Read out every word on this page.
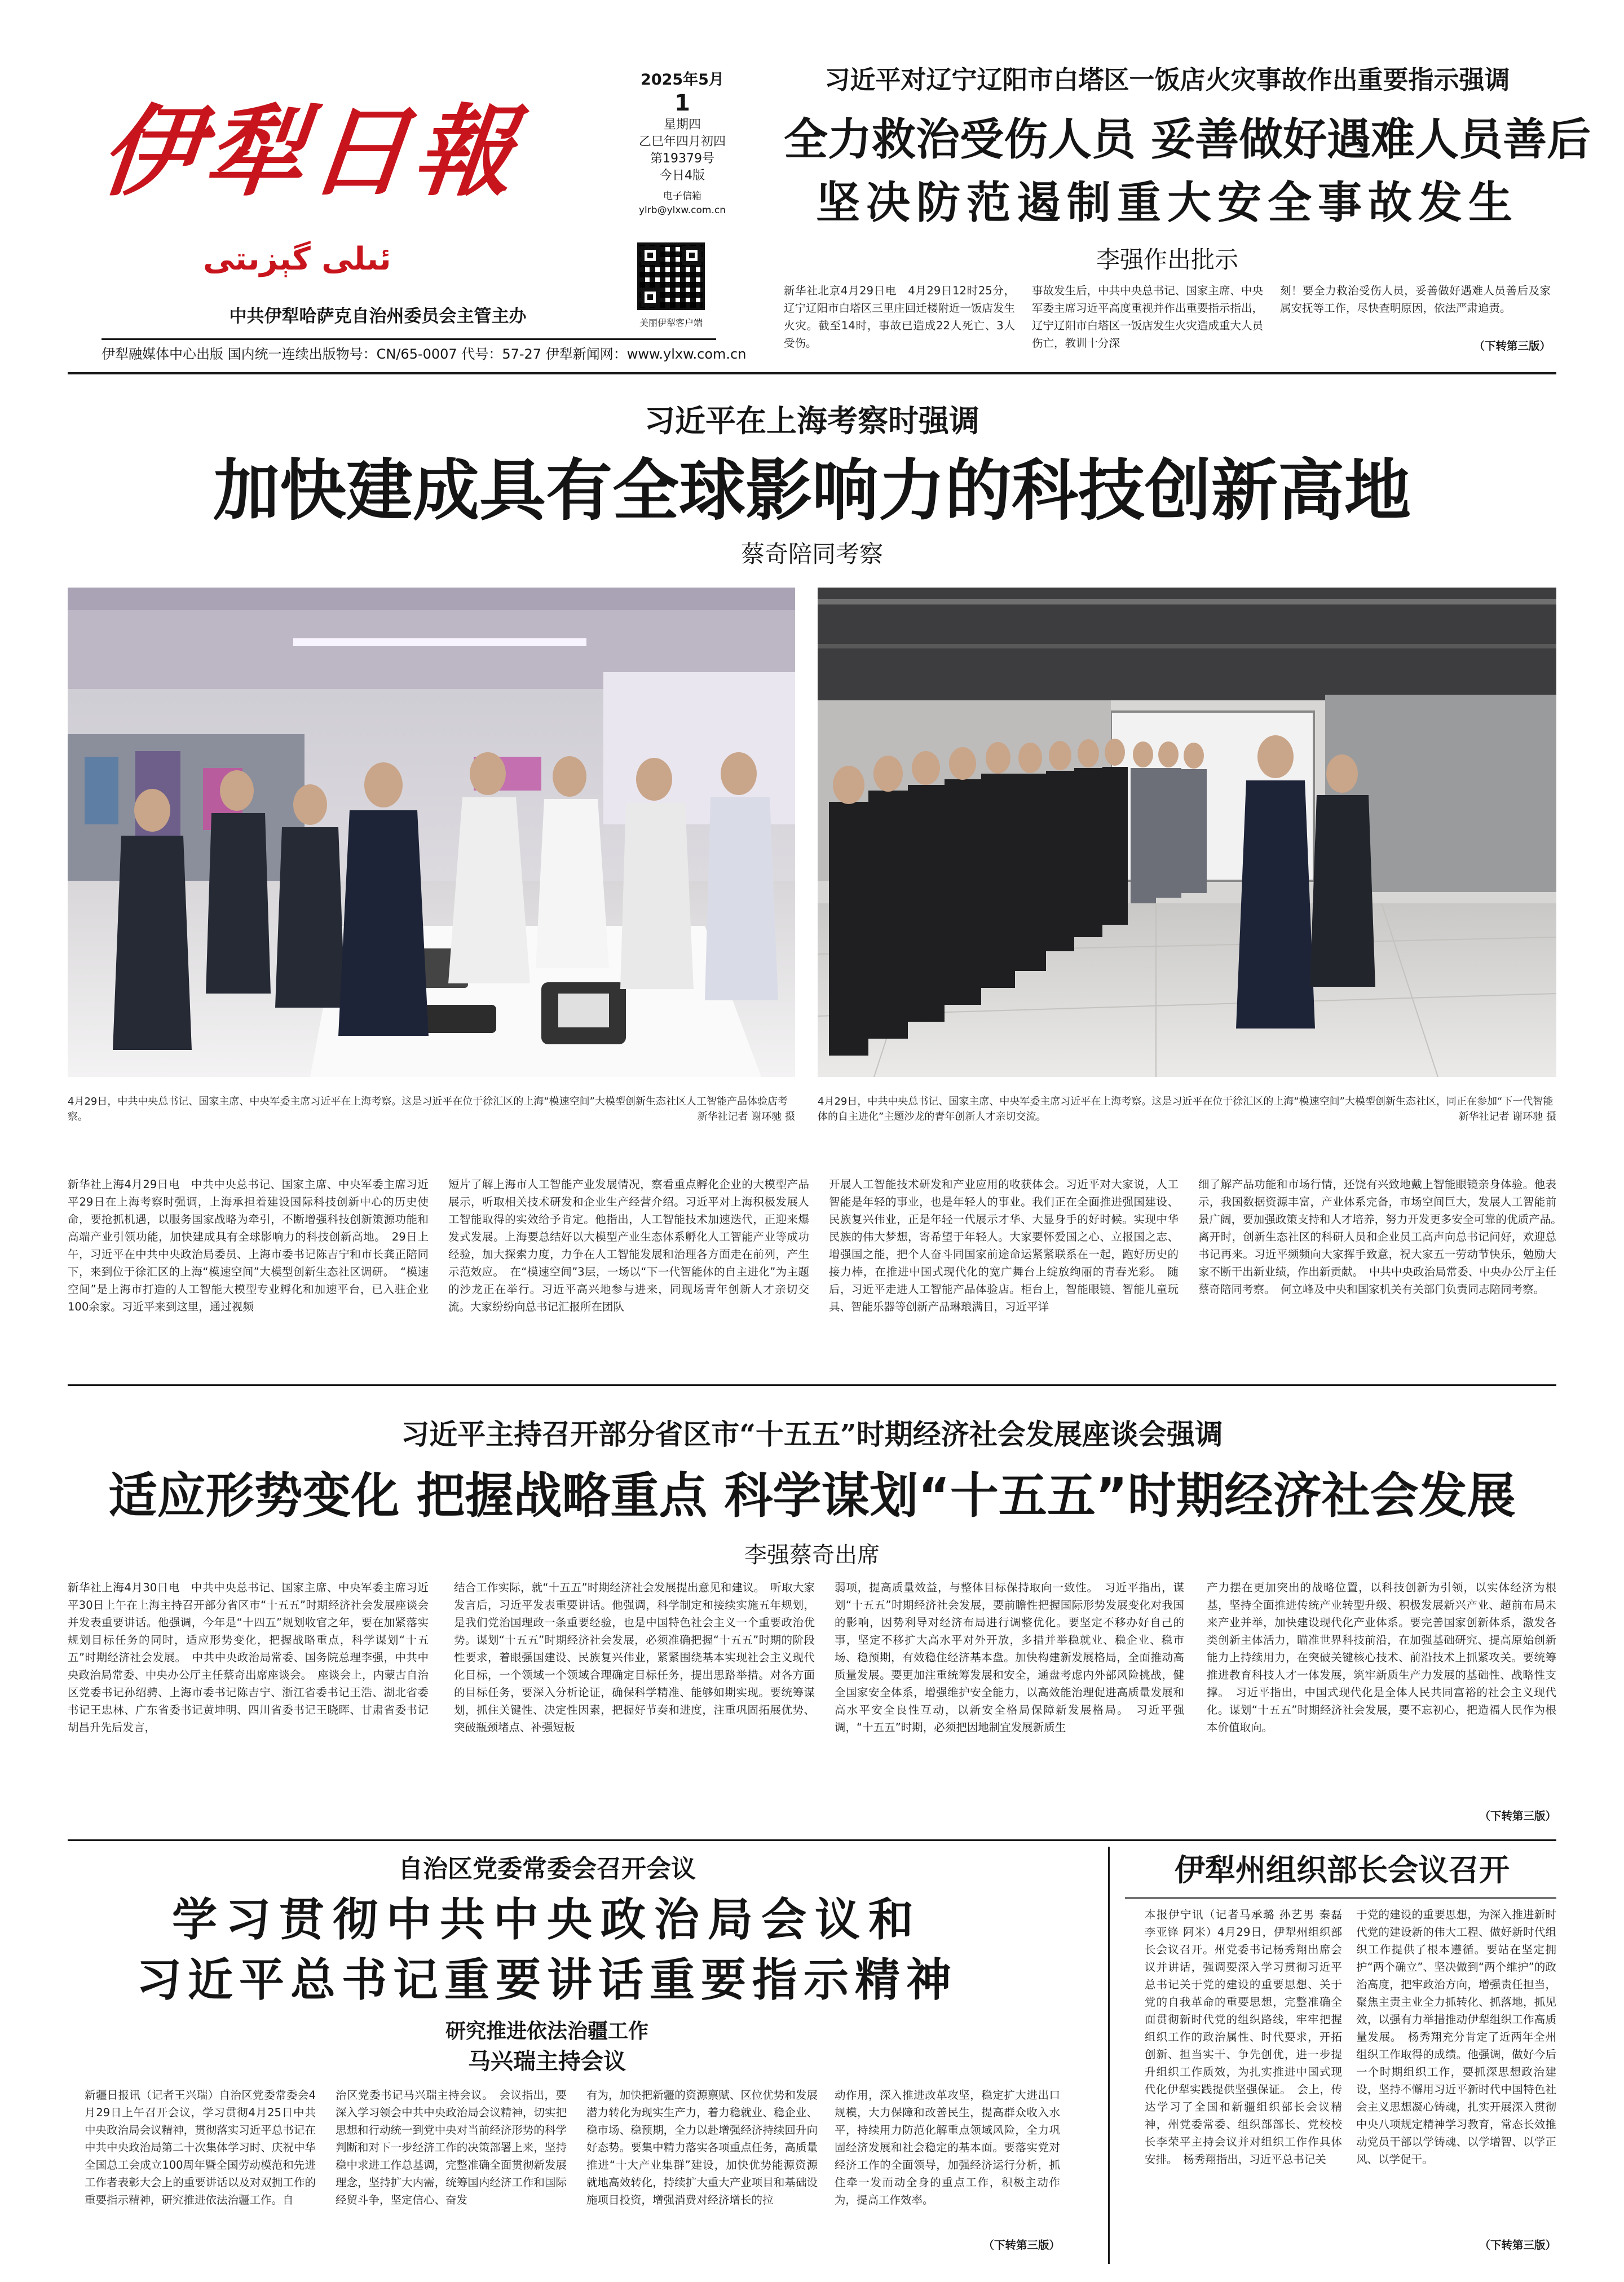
伊犁日報
ئىلى گېزىتى
中共伊犁哈萨克自治州委员会主管主办
2025年5月
1
星期四
乙巳年四月初四
第19379号
今日4版
电子信箱
ylrb@ylxw.com.cn
美丽伊犁客户端
伊犁融媒体中心出版 国内统一连续出版物号：CN/65-0007 代号：57-27 伊犁新闻网：www.ylxw.com.cn
习近平对辽宁辽阳市白塔区一饭店火灾事故作出重要指示强调
全力救治受伤人员 妥善做好遇难人员善后
坚决防范遏制重大安全事故发生
李强作出批示
新华社北京4月29日电　4月29日12时25分，辽宁辽阳市白塔区三里庄回迁楼附近一饭店发生火灾。截至14时，事故已造成22人死亡、3人受伤。
事故发生后，中共中央总书记、国家主席、中央军委主席习近平高度重视并作出重要指示指出，辽宁辽阳市白塔区一饭店发生火灾造成重大人员伤亡，教训十分深
刻！要全力救治受伤人员，妥善做好遇难人员善后及家属安抚等工作，尽快查明原因，依法严肃追责。
（下转第三版）
习近平在上海考察时强调
加快建成具有全球影响力的科技创新高地
蔡奇陪同考察
4月29日，中共中央总书记、国家主席、中央军委主席习近平在上海考察。这是习近平在位于徐汇区的上海“模速空间”大模型创新生态社区人工智能产品体验店考察。	新华社记者 谢环驰 摄
4月29日，中共中央总书记、国家主席、中央军委主席习近平在上海考察。这是习近平在位于徐汇区的上海“模速空间”大模型创新生态社区，同正在参加“下一代智能体的自主进化”主题沙龙的青年创新人才亲切交流。	新华社记者 谢环驰 摄
新华社上海4月29日电　中共中央总书记、国家主席、中央军委主席习近平29日在上海考察时强调，上海承担着建设国际科技创新中心的历史使命，要抢抓机遇，以服务国家战略为牵引，不断增强科技创新策源功能和高端产业引领功能，加快建成具有全球影响力的科技创新高地。　29日上午，习近平在中共中央政治局委员、上海市委书记陈吉宁和市长龚正陪同下，来到位于徐汇区的上海“模速空间”大模型创新生态社区调研。　“模速空间”是上海市打造的人工智能大模型专业孵化和加速平台，已入驻企业100余家。习近平来到这里，通过视频
短片了解上海市人工智能产业发展情况，察看重点孵化企业的大模型产品展示，听取相关技术研发和企业生产经营介绍。习近平对上海积极发展人工智能取得的实效给予肯定。他指出，人工智能技术加速迭代，正迎来爆发式发展。上海要总结好以大模型产业生态体系孵化人工智能产业等成功经验，加大探索力度，力争在人工智能发展和治理各方面走在前列，产生示范效应。　在“模速空间”3层，一场以“下一代智能体的自主进化”为主题的沙龙正在举行。习近平高兴地参与进来，同现场青年创新人才亲切交流。大家纷纷向总书记汇报所在团队
开展人工智能技术研发和产业应用的收获体会。习近平对大家说，人工智能是年轻的事业，也是年轻人的事业。我们正在全面推进强国建设、民族复兴伟业，正是年轻一代展示才华、大显身手的好时候。实现中华民族的伟大梦想，寄希望于年轻人。大家要怀爱国之心、立报国之志、增强国之能，把个人奋斗同国家前途命运紧紧联系在一起，跑好历史的接力棒，在推进中国式现代化的宽广舞台上绽放绚丽的青春光彩。　随后，习近平走进人工智能产品体验店。柜台上，智能眼镜、智能儿童玩具、智能乐器等创新产品琳琅满目，习近平详
细了解产品功能和市场行情，还饶有兴致地戴上智能眼镜亲身体验。他表示，我国数据资源丰富，产业体系完备，市场空间巨大，发展人工智能前景广阔，要加强政策支持和人才培养，努力开发更多安全可靠的优质产品。　离开时，创新生态社区的科研人员和企业员工高声向总书记问好，欢迎总书记再来。习近平频频向大家挥手致意，祝大家五一劳动节快乐，勉励大家不断干出新业绩，作出新贡献。　中共中央政治局常委、中央办公厅主任蔡奇陪同考察。　何立峰及中央和国家机关有关部门负责同志陪同考察。
习近平主持召开部分省区市“十五五”时期经济社会发展座谈会强调
适应形势变化 把握战略重点 科学谋划“十五五”时期经济社会发展
李强蔡奇出席
新华社上海4月30日电　中共中央总书记、国家主席、中央军委主席习近平30日上午在上海主持召开部分省区市“十五五”时期经济社会发展座谈会并发表重要讲话。他强调，今年是“十四五”规划收官之年，要在加紧落实规划目标任务的同时，适应形势变化，把握战略重点，科学谋划“十五五”时期经济社会发展。　中共中央政治局常委、国务院总理李强，中共中央政治局常委、中央办公厅主任蔡奇出席座谈会。　座谈会上，内蒙古自治区党委书记孙绍骋、上海市委书记陈吉宁、浙江省委书记王浩、湖北省委书记王忠林、广东省委书记黄坤明、四川省委书记王晓晖、甘肃省委书记胡昌升先后发言，
结合工作实际，就“十五五”时期经济社会发展提出意见和建议。　听取大家发言后，习近平发表重要讲话。他强调，科学制定和接续实施五年规划，是我们党治国理政一条重要经验，也是中国特色社会主义一个重要政治优势。谋划“十五五”时期经济社会发展，必须准确把握“十五五”时期的阶段性要求，着眼强国建设、民族复兴伟业，紧紧围绕基本实现社会主义现代化目标，一个领域一个领域合理确定目标任务，提出思路举措。对各方面的目标任务，要深入分析论证，确保科学精准、能够如期实现。要统筹谋划，抓住关键性、决定性因素，把握好节奏和进度，注重巩固拓展优势、突破瓶颈堵点、补强短板
弱项，提高质量效益，与整体目标保持取向一致性。　习近平指出，谋划“十五五”时期经济社会发展，要前瞻性把握国际形势发展变化对我国的影响，因势利导对经济布局进行调整优化。要坚定不移办好自己的事，坚定不移扩大高水平对外开放，多措并举稳就业、稳企业、稳市场、稳预期，有效稳住经济基本盘。加快构建新发展格局，全面推动高质量发展。要更加注重统筹发展和安全，通盘考虑内外部风险挑战，健全国家安全体系，增强维护安全能力，以高效能治理促进高质量发展和高水平安全良性互动，以新安全格局保障新发展格局。　习近平强调，“十五五”时期，必须把因地制宜发展新质生
产力摆在更加突出的战略位置，以科技创新为引领，以实体经济为根基，坚持全面推进传统产业转型升级、积极发展新兴产业、超前布局未来产业并举，加快建设现代化产业体系。要完善国家创新体系，激发各类创新主体活力，瞄准世界科技前沿，在加强基础研究、提高原始创新能力上持续用力，在突破关键核心技术、前沿技术上抓紧攻关。要统筹推进教育科技人才一体发展，筑牢新质生产力发展的基础性、战略性支撑。　习近平指出，中国式现代化是全体人民共同富裕的社会主义现代化。谋划“十五五”时期经济社会发展，要不忘初心，把造福人民作为根本价值取向。
（下转第三版）
自治区党委常委会召开会议
学习贯彻中共中央政治局会议和
习近平总书记重要讲话重要指示精神
研究推进依法治疆工作
马兴瑞主持会议
新疆日报讯（记者王兴瑞）自治区党委常委会4月29日上午召开会议，学习贯彻4月25日中共中央政治局会议精神，贯彻落实习近平总书记在中共中央政治局第二十次集体学习时、庆祝中华全国总工会成立100周年暨全国劳动模范和先进工作者表彰大会上的重要讲话以及对双拥工作的重要指示精神，研究推进依法治疆工作。自
治区党委书记马兴瑞主持会议。　会议指出，要深入学习领会中共中央政治局会议精神，切实把思想和行动统一到党中央对当前经济形势的科学判断和对下一步经济工作的决策部署上来，坚持稳中求进工作总基调，完整准确全面贯彻新发展理念，坚持扩大内需，统筹国内经济工作和国际经贸斗争，坚定信心、奋发
有为，加快把新疆的资源禀赋、区位优势和发展潜力转化为现实生产力，着力稳就业、稳企业、稳市场、稳预期，全力以赴增强经济持续回升向好态势。要集中精力落实各项重点任务，高质量推进“十大产业集群”建设，加快优势能源资源就地高效转化，持续扩大重大产业项目和基础设施项目投资，增强消费对经济增长的拉
动作用，深入推进改革攻坚，稳定扩大进出口规模，大力保障和改善民生，提高群众收入水平，持续用力防范化解重点领域风险，全力巩固经济发展和社会稳定的基本面。要落实党对经济工作的全面领导，加强经济运行分析，抓住牵一发而动全身的重点工作，积极主动作为，提高工作效率。
（下转第三版）
伊犁州组织部长会议召开
本报伊宁讯（记者马承璐 孙艺男 秦磊 李亚锋 阿米）4月29日，伊犁州组织部长会议召开。州党委书记杨秀翔出席会议并讲话，强调要深入学习贯彻习近平总书记关于党的建设的重要思想、关于党的自我革命的重要思想，完整准确全面贯彻新时代党的组织路线，牢牢把握组织工作的政治属性、时代要求，开拓创新、担当实干、争先创优，进一步提升组织工作质效，为扎实推进中国式现代化伊犁实践提供坚强保证。　会上，传达学习了全国和新疆组织部长会议精神，州党委常委、组织部部长、党校校长李荣平主持会议并对组织工作作具体安排。　杨秀翔指出，习近平总书记关
于党的建设的重要思想，为深入推进新时代党的建设新的伟大工程、做好新时代组织工作提供了根本遵循。要站在坚定拥护“两个确立”、坚决做到“两个维护”的政治高度，把牢政治方向，增强责任担当，聚焦主责主业全力抓转化、抓落地，抓见效，以强有力举措推动伊犁组织工作高质量发展。　杨秀翔充分肯定了近两年全州组织工作取得的成绩。他强调，做好今后一个时期组织工作，要抓深思想政治建设，坚持不懈用习近平新时代中国特色社会主义思想凝心铸魂，扎实开展深入贯彻中央八项规定精神学习教育，常态长效推动党员干部以学铸魂、以学增智、以学正风、以学促干。
（下转第三版）
